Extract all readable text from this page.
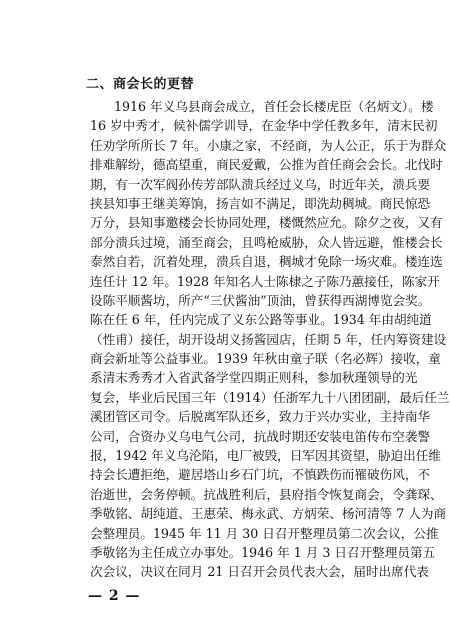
二、商会长的更替
1916 年义乌县商会成立，首任会长楼虎臣（名炳文）。楼
16 岁中秀才，候补儒学训导，在金华中学任教多年，清末民初
任劝学所所长 7 年。小康之家，不经商，为人公正，乐于为群众
排难解纷，德高望重，商民爱戴，公推为首任商会会长。北伐时
期，有一次军阀孙传芳部队溃兵经过义乌，时近年关，溃兵要
挟县知事王继美筹饷，扬言如不满足，即洗劫稠城。商民惊恐
万分，县知事邀楼会长协同处理，楼慨然应允。除夕之夜，又有
部分溃兵过境，涌至商会，且鸣枪威胁，众人皆远避，惟楼会长
泰然自若，沉着处理，溃兵自退，稠城才免除一场灾难。楼连选
连任计 12 年。1928 年知名人士陈棣之子陈乃蕙接任，陈家开
设陈平顺酱坊，所产“三伏酱油”顶油，曾获得西湖博览会奖。
陈在任 6 年，任内完成了义东公路等事业。1934 年由胡纯道
（性甫）接任，胡开设胡义扬酱园店，任期 5 年，任内筹资建设
商会新址等公益事业。1939 年秋由童子联（名必辉）接收，童
系清末秀秀才入省武备学堂四期正则科，参加秋瑾领导的光
复会，毕业后民国三年（1914）任浙军九十八团团副，最后任兰
溪团管区司令。后脱离军队还乡，致力于兴办实业，主持南华
公司，合资办义乌电气公司，抗战时期还安装电笛传布空袭警
报，1942 年义乌沦陷，电厂被毁，日军因其资望，胁迫出任维
持会长遭拒绝，避居塔山乡石门坑，不慎跌伤而罹破伤风，不
治逝世，会务停顿。抗战胜利后，县府指令恢复商会，令龚琛、
季敬铭、胡纯道、王惠荣、梅永武、方炳荣、杨河清等 7 人为商
会整理员。1945 年 11 月 30 日召开整理员第二次会议，公推
季敬铭为主任成立办事处。1946 年 1 月 3 日召开整理员第五
次会议，决议在同月 21 日召开会员代表大会，届时出席代表
— 2 —
